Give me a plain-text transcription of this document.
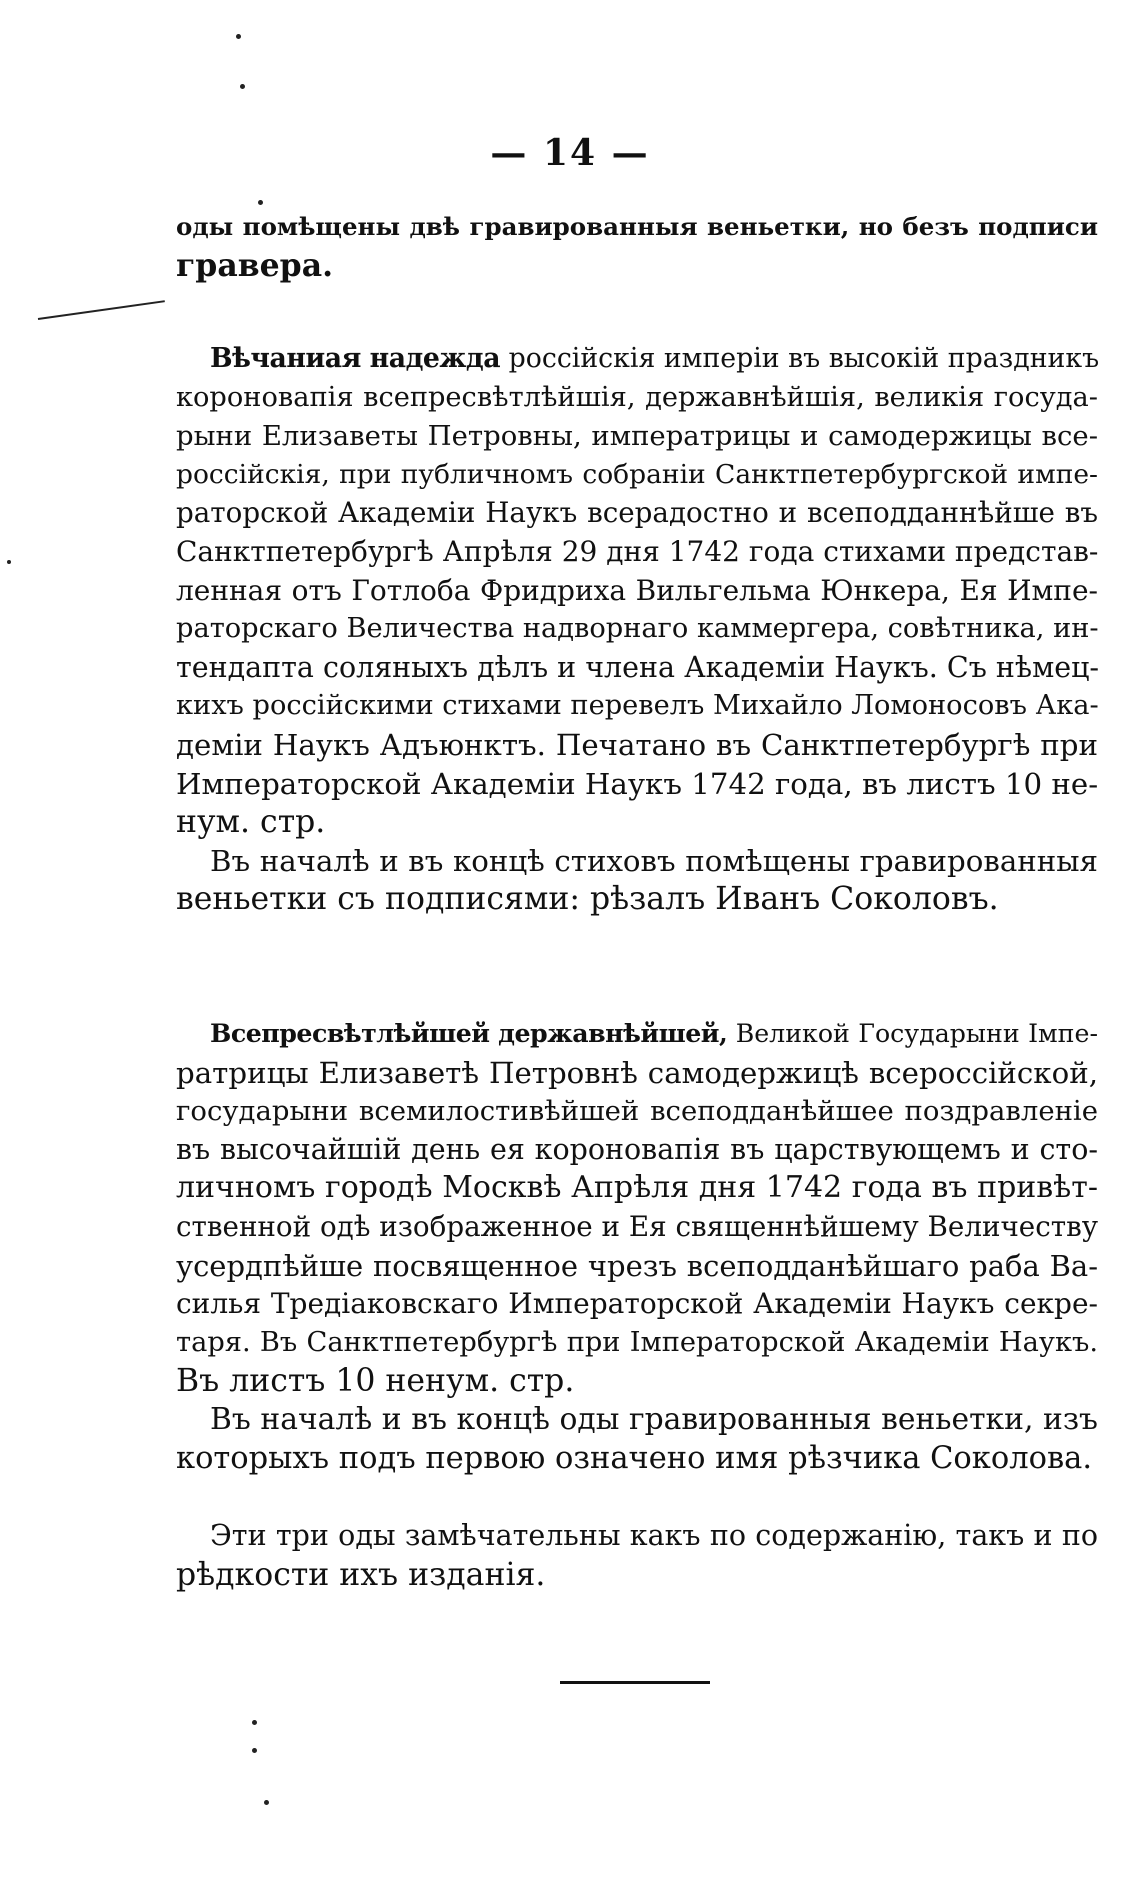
— 14 —
оды помѣщены двѣ гравированныя веньетки, но безъ подписи
гравера.
Вѣчаниая надежда россійскія имперіи въ высокій праздникъ
короновапія всепресвѣтлѣйшія, державнѣйшія, великія госуда-
рыни Елизаветы Петровны, императрицы и самодержицы все-
россійскія, при публичномъ собраніи Санктпетербургской импе-
раторской Академіи Наукъ всерадостно и всеподданнѣйше въ
Санктпетербургѣ Апрѣля 29 дня 1742 года стихами представ-
ленная отъ Готлоба Фридриха Вильгельма Юнкера, Ея Импе-
раторскаго Величества надворнаго каммергера, совѣтника, ин-
тендапта соляныхъ дѣлъ и члена Академіи Наукъ. Съ нѣмец-
кихъ россійскими стихами перевелъ Михайло Ломоносовъ Ака-
деміи Наукъ Адъюнктъ. Печатано въ Санктпетербургѣ при
Императорской Академіи Наукъ 1742 года, въ листъ 10 не-
нум. стр.
Въ началѣ и въ концѣ стиховъ помѣщены гравированныя
веньетки съ подписями: рѣзалъ Иванъ Соколовъ.
Всепресвѣтлѣйшей державнѣйшей, Великой Государыни Імпе-
ратрицы Елизаветѣ Петровнѣ самодержицѣ всероссійской,
государыни всемилостивѣйшей всеподданѣйшее поздравленіе
въ высочайшій день ея короновапія въ царствующемъ и сто-
личномъ городѣ Москвѣ Апрѣля дня 1742 года въ привѣт-
ственной одѣ изображенное и Ея священнѣйшему Величеству
усердпѣйше посвященное чрезъ всеподданѣйшаго раба Ва-
силья Тредіаковскаго Императорской Академіи Наукъ секре-
таря. Въ Санктпетербургѣ при Імператорской Академіи Наукъ.
Въ листъ 10 ненум. стр.
Въ началѣ и въ концѣ оды гравированныя веньетки, изъ
которыхъ подъ первою означено имя рѣзчика Соколова.
Эти три оды замѣчательны какъ по содержанію, такъ и по
рѣдкости ихъ изданія.
